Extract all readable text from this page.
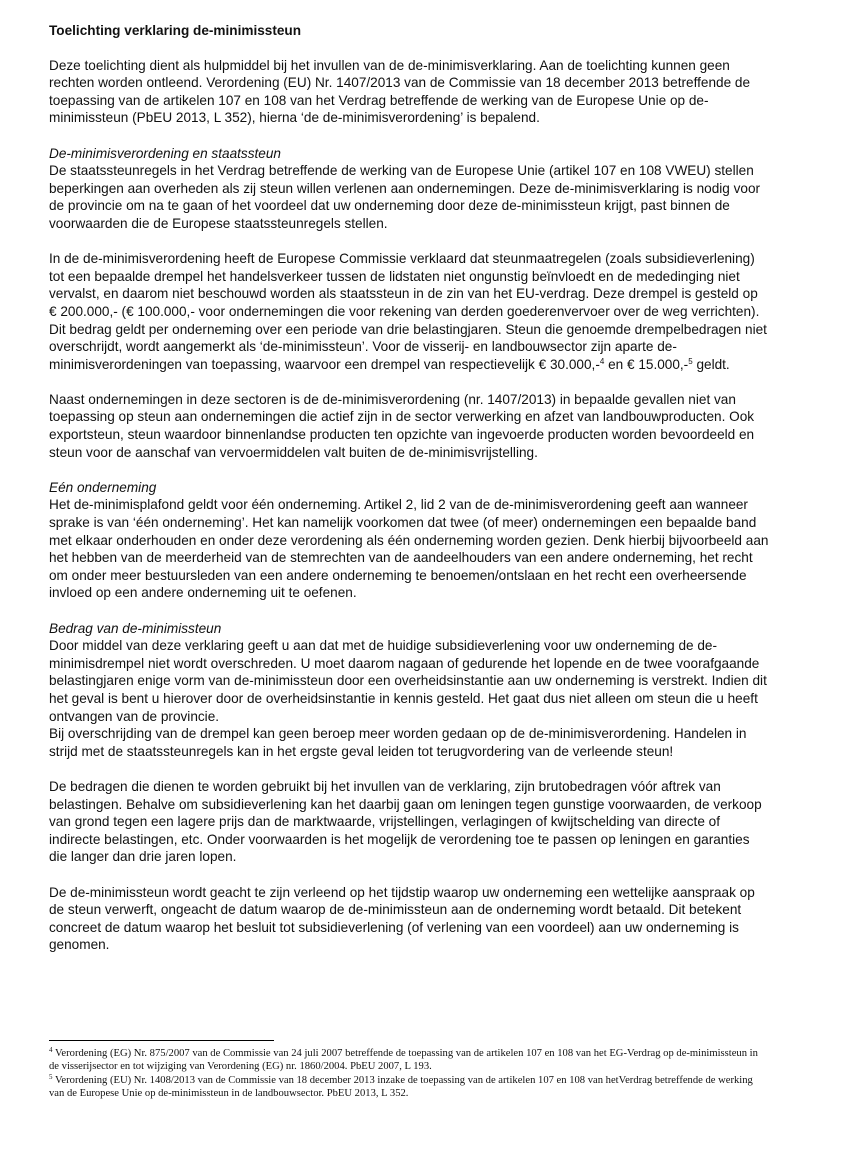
Toelichting verklaring de-minimissteun

Deze toelichting dient als hulpmiddel bij het invullen van de de-minimisverklaring. Aan de toelichting kunnen geen rechten worden ontleend. Verordening (EU) Nr. 1407/2013 van de Commissie van 18 december 2013 betreffende de toepassing van de artikelen 107 en 108 van het Verdrag betreffende de werking van de Europese Unie op de-minimissteun (PbEU 2013, L 352), hierna ‘de de-minimisverordening’ is bepalend.

De-minimisverordening en staatssteun

De staatssteunregels in het Verdrag betreffende de werking van de Europese Unie (artikel 107 en 108 VWEU) stellen beperkingen aan overheden als zij steun willen verlenen aan ondernemingen. Deze de-minimisverklaring is nodig voor de provincie om na te gaan of het voordeel dat uw onderneming door deze de-minimissteun krijgt, past binnen de voorwaarden die de Europese staatssteunregels stellen.

In de de-minimisverordening heeft de Europese Commissie verklaard dat steunmaatregelen (zoals subsidieverlening) tot een bepaalde drempel het handelsverkeer tussen de lidstaten niet ongunstig beïnvloedt en de mededinging niet vervalst, en daarom niet beschouwd worden als staatssteun in de zin van het EU-verdrag. Deze drempel is gesteld op € 200.000,- (€ 100.000,- voor ondernemingen die voor rekening van derden goederenvervoer over de weg verrichten). Dit bedrag geldt per onderneming over een periode van drie belastingjaren. Steun die genoemde drempelbedragen niet overschrijdt, wordt aangemerkt als ‘de-minimissteun’. Voor de visserij- en landbouwsector zijn aparte de-minimisverordeningen van toepassing, waarvoor een drempel van respectievelijk € 30.000,-$^4$ en € 15.000,-$^5$ geldt.

Naast ondernemingen in deze sectoren is de de-minimisverordening (nr. 1407/2013) in bepaalde gevallen niet van toepassing op steun aan ondernemingen die actief zijn in de sector verwerking en afzet van landbouwproducten. Ook exportsteun, steun waardoor binnenlandse producten ten opzichte van ingevoerde producten worden bevoordeeld en steun voor de aanschaf van vervoermiddelen valt buiten de de-minimisvrijstelling.

Eén onderneming

Het de-minimisplafond geldt voor één onderneming. Artikel 2, lid 2 van de de-minimisverordening geeft aan wanneer sprake is van ‘één onderneming’. Het kan namelijk voorkomen dat twee (of meer) ondernemingen een bepaalde band met elkaar onderhouden en onder deze verordening als één onderneming worden gezien. Denk hierbij bijvoorbeeld aan het hebben van de meerderheid van de stemrechten van de aandeelhouders van een andere onderneming, het recht om onder meer bestuursleden van een andere onderneming te benoemen/ontslaan en het recht een overheersende invloed op een andere onderneming uit te oefenen.

Bedrag van de-minimissteun

Door middel van deze verklaring geeft u aan dat met de huidige subsidieverlening voor uw onderneming de de-minimisdrempel niet wordt overschreden. U moet daarom nagaan of gedurende het lopende en de twee voorafgaande belastingjaren enige vorm van de-minimissteun door een overheidsinstantie aan uw onderneming is verstrekt. Indien dit het geval is bent u hierover door de overheidsinstantie in kennis gesteld. Het gaat dus niet alleen om steun die u heeft ontvangen van de provincie.

Bij overschrijding van de drempel kan geen beroep meer worden gedaan op de de-minimisverordening. Handelen in strijd met de staatssteunregels kan in het ergste geval leiden tot terugvordering van de verleende steun!

De bedragen die dienen te worden gebruikt bij het invullen van de verklaring, zijn brutobedragen vóór aftrek van belastingen. Behalve om subsidieverlening kan het daarbij gaan om leningen tegen gunstige voorwaarden, de verkoop van grond tegen een lagere prijs dan de marktwaarde, vrijstellingen, verlagingen of kwijtschelding van directe of indirecte belastingen, etc. Onder voorwaarden is het mogelijk de verordening toe te passen op leningen en garanties die langer dan drie jaren lopen.

De de-minimissteun wordt geacht te zijn verleend op het tijdstip waarop uw onderneming een wettelijke aanspraak op de steun verwerft, ongeacht de datum waarop de de-minimissteun aan de onderneming wordt betaald. Dit betekent concreet de datum waarop het besluit tot subsidieverlening (of verlening van een voordeel) aan uw onderneming is genomen.

$^4$ Verordening (EG) Nr. 875/2007 van de Commissie van 24 juli 2007 betreffende de toepassing van de artikelen 107 en 108 van het EG-Verdrag op de-minimissteun in de visserijsector en tot wijziging van Verordening (EG) nr. 1860/2004. PbEU 2007, L 193.
$^5$ Verordening (EU) Nr. 1408/2013 van de Commissie van 18 december 2013 inzake de toepassing van de artikelen 107 en 108 van hetVerdrag betreffende de werking van de Europese Unie op de-minimissteun in de landbouwsector. PbEU 2013, L 352.
